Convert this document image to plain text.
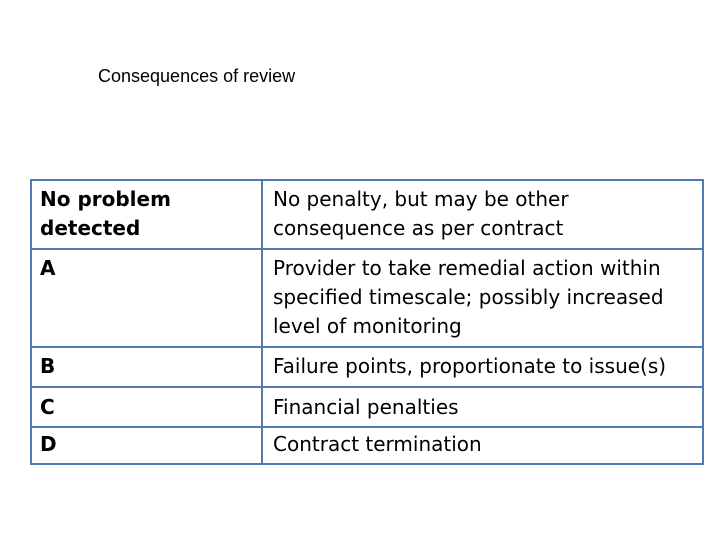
Consequences of review
No problem detected	No penalty, but may be other consequence as per contract
A	Provider to take remedial action within specified timescale; possibly increased level of monitoring
B	Failure points, proportionate to issue(s)
C	Financial penalties
D	Contract termination
